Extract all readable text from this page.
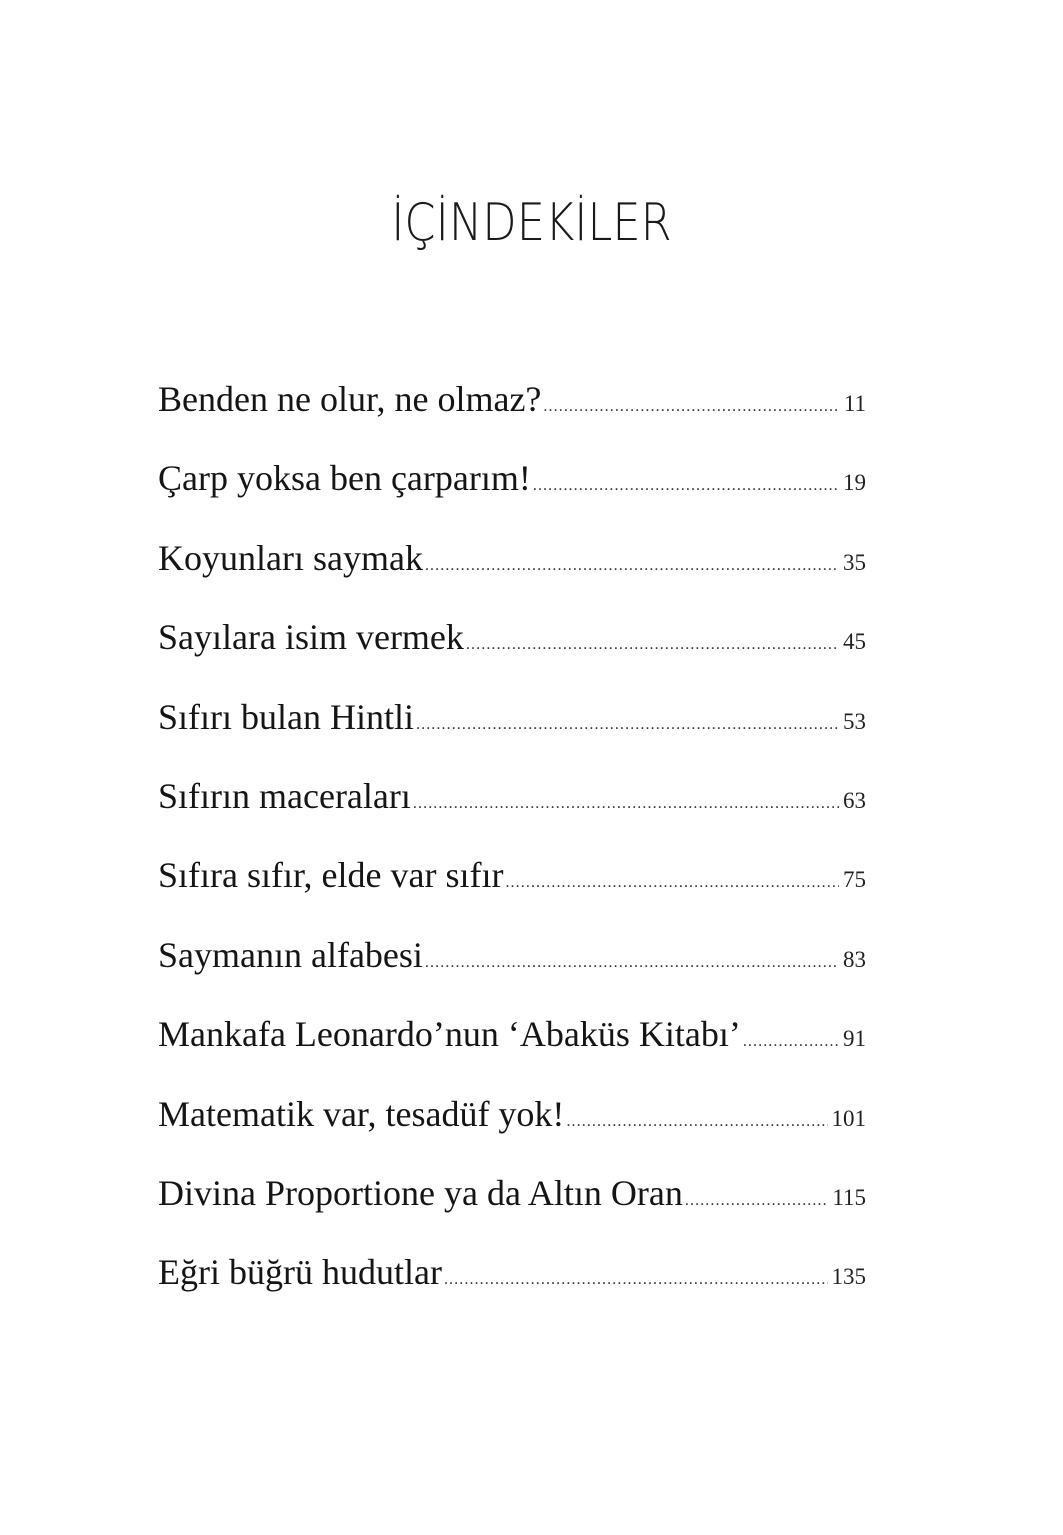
İÇİNDEKİLER
Benden ne olur, ne olmaz? .....	11
Çarp yoksa ben çarparım! .....	19
Koyunları saymak .....	35
Sayılara isim vermek .....	45
Sıfırı bulan Hintli .....	53
Sıfırın maceraları .....	63
Sıfıra sıfır, elde var sıfır .....	75
Saymanın alfabesi .....	83
Mankafa Leonardo’nun ‘Abaküs Kitabı’ .....	91
Matematik var, tesadüf yok! .....	101
Divina Proportione ya da Altın Oran .....	115
Eğri büğrü hudutlar .....	135
